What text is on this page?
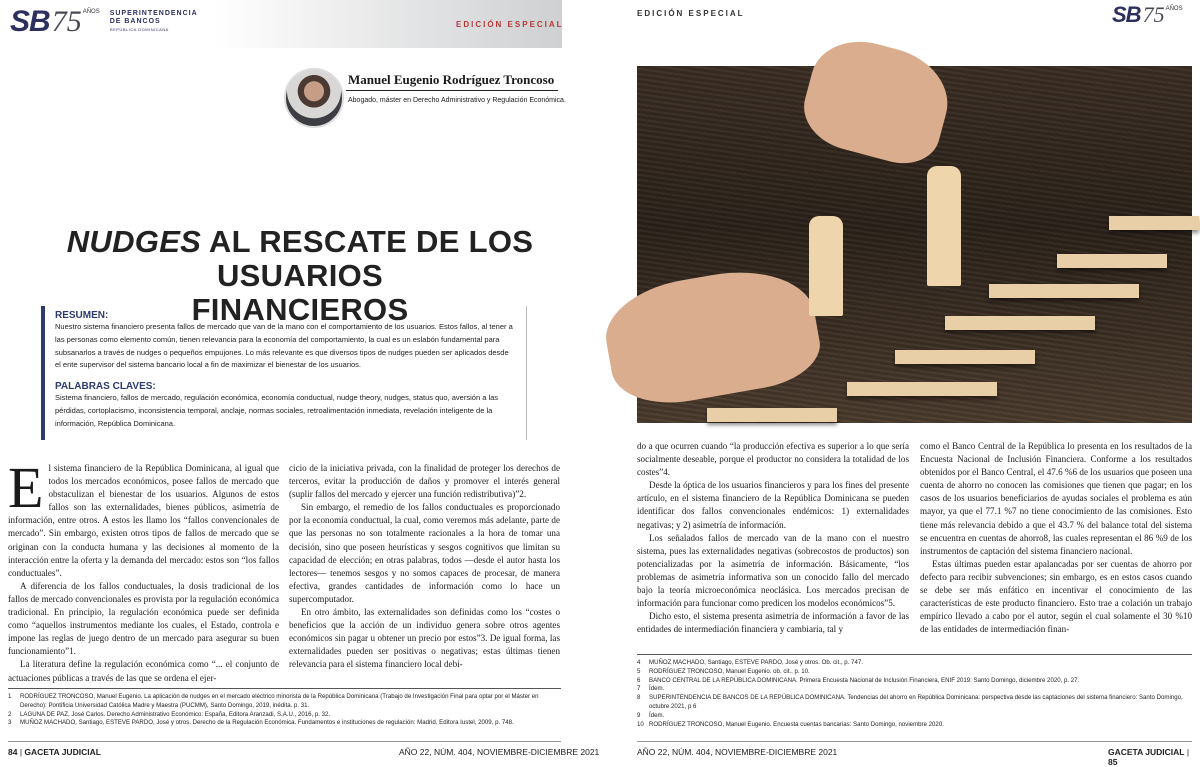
SB 75 AÑOS SUPERINTENDENCIA
DE BANCOS
REPÚBLICA DOMINICANA
EDICIÓN ESPECIAL
Manuel Eugenio Rodríguez Troncoso
Abogado, máster en Derecho Administrativo y Regulación Económica.
NUDGES AL RESCATE DE LOS USUARIOS
FINANCIEROS
RESUMEN:
Nuestro sistema financiero presenta fallos de mercado que van de la mano con el comportamiento de los usuarios. Estos fallos, al tener a las personas como elemento común, tienen relevancia para la economía del comportamiento, la cual es un eslabón fundamental para subsanarlos a través de nudges o pequeños empujones. Lo más relevante es que diversos tipos de nudges pueden ser aplicados desde el ente supervisor del sistema bancario local a fin de maximizar el bienestar de los usuarios.
PALABRAS CLAVES:
Sistema financiero, fallos de mercado, regulación económica, economía conductual, nudge theory, nudges, status quo, aversión a las pérdidas, cortoplacismo, inconsistencia temporal, anclaje, normas sociales, retroalimentación inmediata, revelación inteligente de la información, República Dominicana.

El sistema financiero de la República Dominicana, al igual que todos los mercados económicos, posee fallos de mercado que obstaculizan el bienestar de los usuarios. Algunos de estos fallos son las externalidades, bienes públicos, asimetría de información, entre otros. A estos les llamo los “fallos convencionales de mercado”. Sin embargo, existen otros tipos de fallos de mercado que se originan con la conducta humana y las decisiones al momento de la interacción entre la oferta y la demanda del mercado: estos son “los fallos conductuales”.

A diferencia de los fallos conductuales, la dosis tradicional de los fallos de mercado convencionales es provista por la regulación económica tradicional. En principio, la regulación económica puede ser definida como “aquellos instrumentos mediante los cuales, el Estado, controla e impone las reglas de juego dentro de un mercado para asegurar su buen funcionamiento”1.

La literatura define la regulación económica como “... el conjunto de actuaciones públicas a través de las que se ordena el ejer-

cicio de la iniciativa privada, con la finalidad de proteger los derechos de terceros, evitar la producción de daños y promover el interés general (suplir fallos del mercado y ejercer una función redistributiva)”2.

Sin embargo, el remedio de los fallos conductuales es proporcionado por la economía conductual, la cual, como veremos más adelante, parte de que las personas no son totalmente racionales a la hora de tomar una decisión, sino que poseen heurísticas y sesgos cognitivos que limitan su capacidad de elección; en otras palabras, todos —desde el autor hasta los lectores— tenemos sesgos y no somos capaces de procesar, de manera efectiva, grandes cantidades de información como lo hace un supercomputador.

En otro ámbito, las externalidades son definidas como los “costes o beneficios que la acción de un individuo genera sobre otros agentes económicos sin pagar u obtener un precio por estos”3. De igual forma, las externalidades pueden ser positivas o negativas; estas últimas tienen relevancia para el sistema financiero local debi-

1	RODRÍGUEZ TRONCOSO, Manuel Eugenio. La aplicación de nudges en el mercado eléctrico minorista de la República Dominicana (Trabajo de Investigación Final para optar por el Máster en Derecho): Pontificia Universidad Católica Madre y Maestra (PUCMM), Santo Domingo, 2019, inédita. p. 31.
2	LAGUNA DE PAZ, José Carlos. Derecho Administrativo Económico: España, Editora Aranzadi, S.A.U., 2016, p. 32.
3	MUÑOZ MACHADO, Santiago, ESTEVE PARDO, José y otros. Derecho de la Regulación Económica. Fundamentos e instituciones de regulación: Madrid, Editora Iustel, 2009, p. 748.
84 | GACETA JUDICIAL	AÑO 22, NÚM. 404, NOVIEMBRE-DICIEMBRE 2021
EDICIÓN ESPECIAL	SB 75 AÑOS

do a que ocurren cuando “la producción efectiva es superior a lo que sería socialmente deseable, porque el productor no considera la totalidad de los costes”4.

Desde la óptica de los usuarios financieros y para los fines del presente artículo, en el sistema financiero de la República Dominicana se pueden identificar dos fallos convencionales endémicos: 1) externalidades negativas; y 2) asimetría de información.

Los señalados fallos de mercado van de la mano con el nuestro sistema, pues las externalidades negativas (sobrecostos de productos) son potencializadas por la asimetría de información. Básicamente, “los problemas de asimetría informativa son un conocido fallo del mercado bajo la teoría microeconómica neoclásica. Los mercados precisan de información para funcionar como predicen los modelos económicos”5.

Dicho esto, el sistema presenta asimetría de información a favor de las entidades de intermediación financiera y cambiaria, tal y

como el Banco Central de la República lo presenta en los resultados de la Encuesta Nacional de Inclusión Financiera. Conforme a los resultados obtenidos por el Banco Central, el 47.6 %6 de los usuarios que poseen una cuenta de ahorro no conocen las comisiones que tienen que pagar; en los casos de los usuarios beneficiarios de ayudas sociales el problema es aún mayor, ya que el 77.1 %7 no tiene conocimiento de las comisiones. Esto tiene más relevancia debido a que el 43.7 % del balance total del sistema se encuentra en cuentas de ahorro8, las cuales representan el 86 %9 de los instrumentos de captación del sistema financiero nacional.

Estas últimas pueden estar apalancadas por ser cuentas de ahorro por defecto para recibir subvenciones; sin embargo, es en estos casos cuando se debe ser más enfático en incentivar el conocimiento de las características de este producto financiero. Esto trae a colación un trabajo empírico llevado a cabo por el autor, según el cual solamente el 30 %10 de las entidades de intermediación finan-

4	MUÑOZ MACHADO, Santiago, ESTEVE PARDO, José y otros. Ob. cit., p. 747.
5	RODRÍGUEZ TRONCOSO, Manuel Eugenio. ob. cit., p. 10.
6	BANCO CENTRAL DE LA REPÚBLICA DOMINICANA. Primera Encuesta Nacional de Inclusión Financiera, ENIF 2019: Santo Domingo, diciembre 2020, p. 27.
7	Ídem.
8	SUPERINTENDENCIA DE BANCOS DE LA REPÚBLICA DOMINICANA. Tendencias del ahorro en República Dominicana: perspectiva desde las captaciones del sistema financiero: Santo Domingo, octubre 2021, p 6
9	Ídem.
10 RODRÍGUEZ TRONCOSO, Manuel Eugenio. Encuesta cuentas bancarias: Santo Domingo, noviembre 2020.
AÑO 22, NÚM. 404, NOVIEMBRE-DICIEMBRE 2021	GACETA JUDICIAL | 85
